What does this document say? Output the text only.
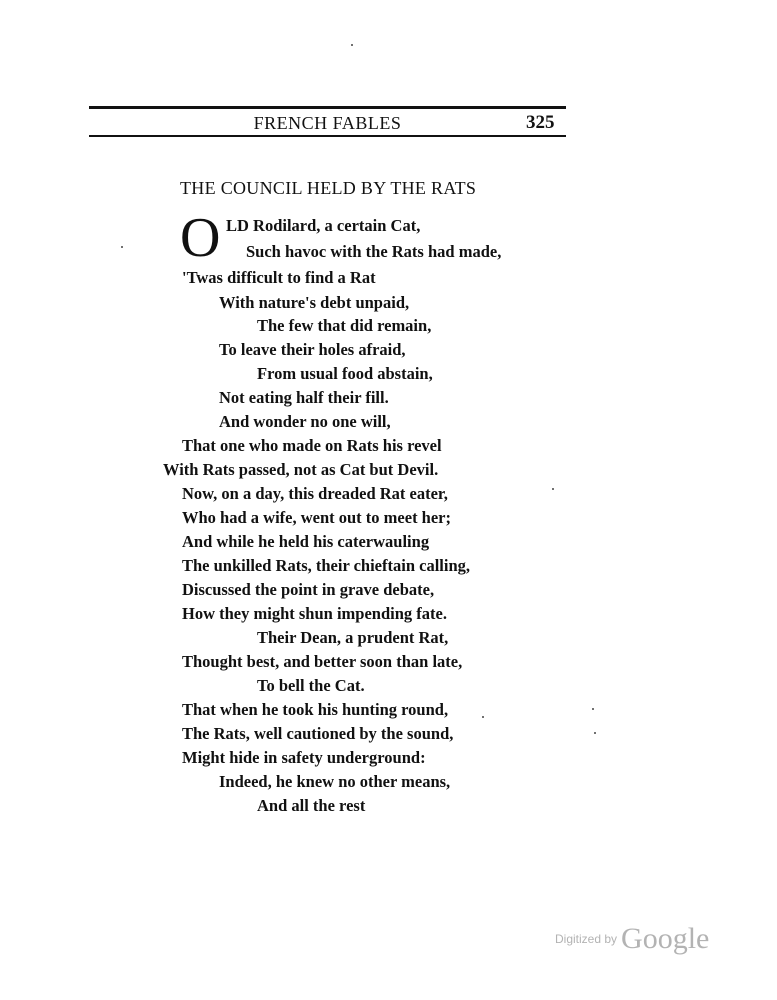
FRENCH FABLES	325
THE COUNCIL HELD BY THE RATS
O LD Rodilard, a certain Cat,
Such havoc with the Rats had made,
'Twas difficult to find a Rat
With nature's debt unpaid,
The few that did remain,
To leave their holes afraid,
From usual food abstain,
Not eating half their fill.
And wonder no one will,
That one who made on Rats his revel
With Rats passed, not as Cat but Devil.
Now, on a day, this dreaded Rat eater,
Who had a wife, went out to meet her;
And while he held his caterwauling
The unkilled Rats, their chieftain calling,
Discussed the point in grave debate,
How they might shun impending fate.
Their Dean, a prudent Rat,
Thought best, and better soon than late,
To bell the Cat.
That when he took his hunting round,
The Rats, well cautioned by the sound,
Might hide in safety underground:
Indeed, he knew no other means,
And all the rest
Digitized by Google
